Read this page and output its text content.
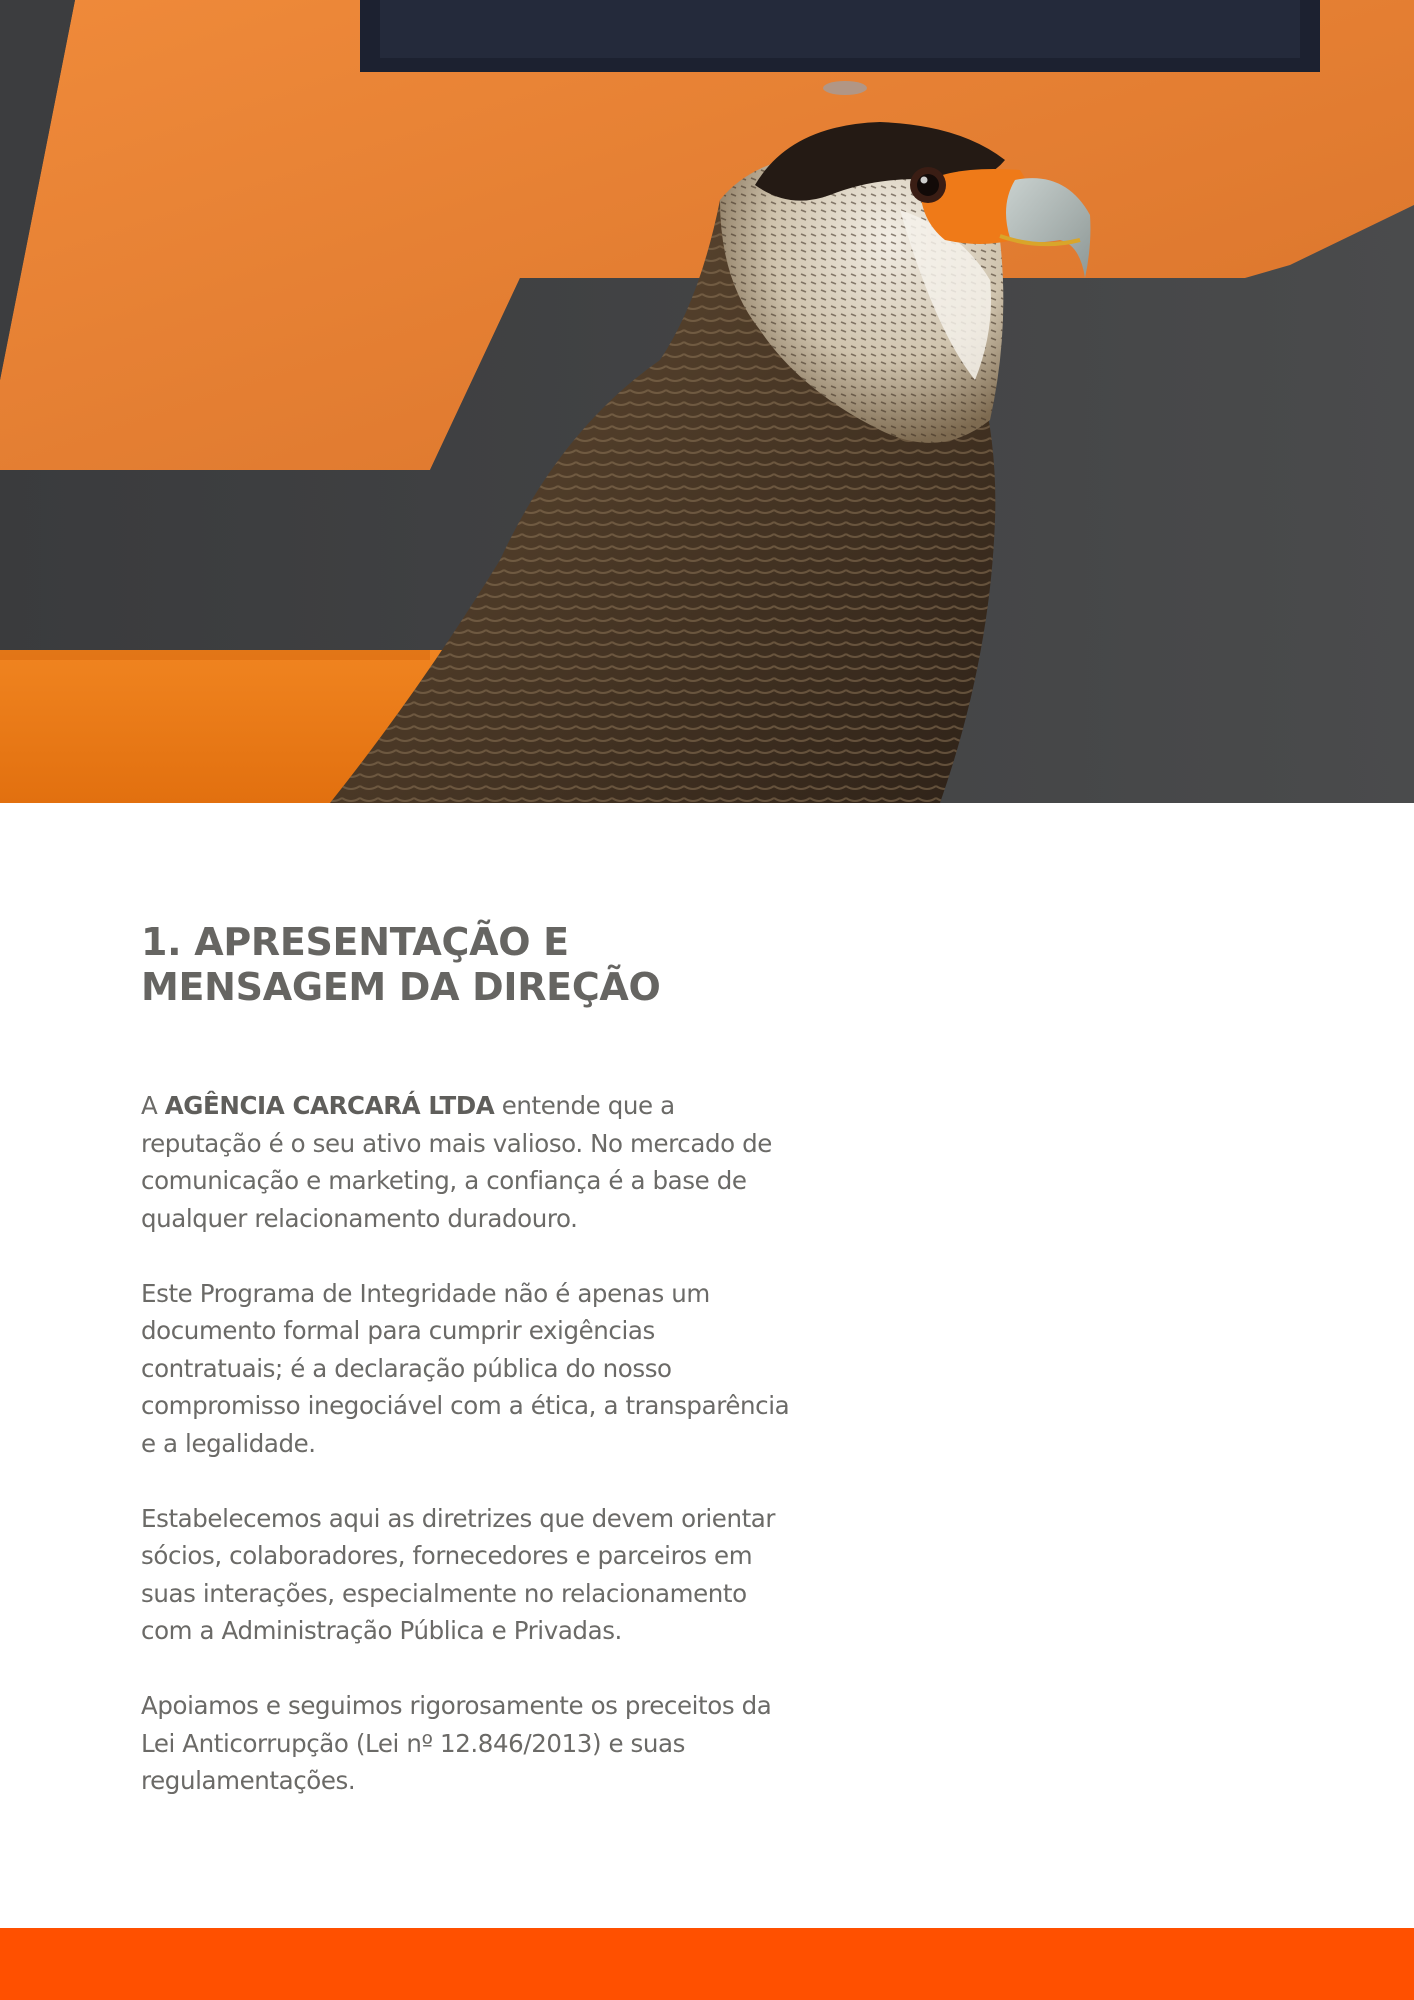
1. APRESENTAÇÃO E
MENSAGEM DA DIREÇÃO

A AGÊNCIA CARCARÁ LTDA entende que a reputação é o seu ativo mais valioso. No mercado de comunicação e marketing, a confiança é a base de qualquer relacionamento duradouro.

Este Programa de Integridade não é apenas um documento formal para cumprir exigências contratuais; é a declaração pública do nosso compromisso inegociável com a ética, a transparência e a legalidade.

Estabelecemos aqui as diretrizes que devem orientar sócios, colaboradores, fornecedores e parceiros em suas interações, especialmente no relacionamento com a Administração Pública e Privadas.

Apoiamos e seguimos rigorosamente os preceitos da Lei Anticorrupção (Lei nº 12.846/2013) e suas regulamentações.
